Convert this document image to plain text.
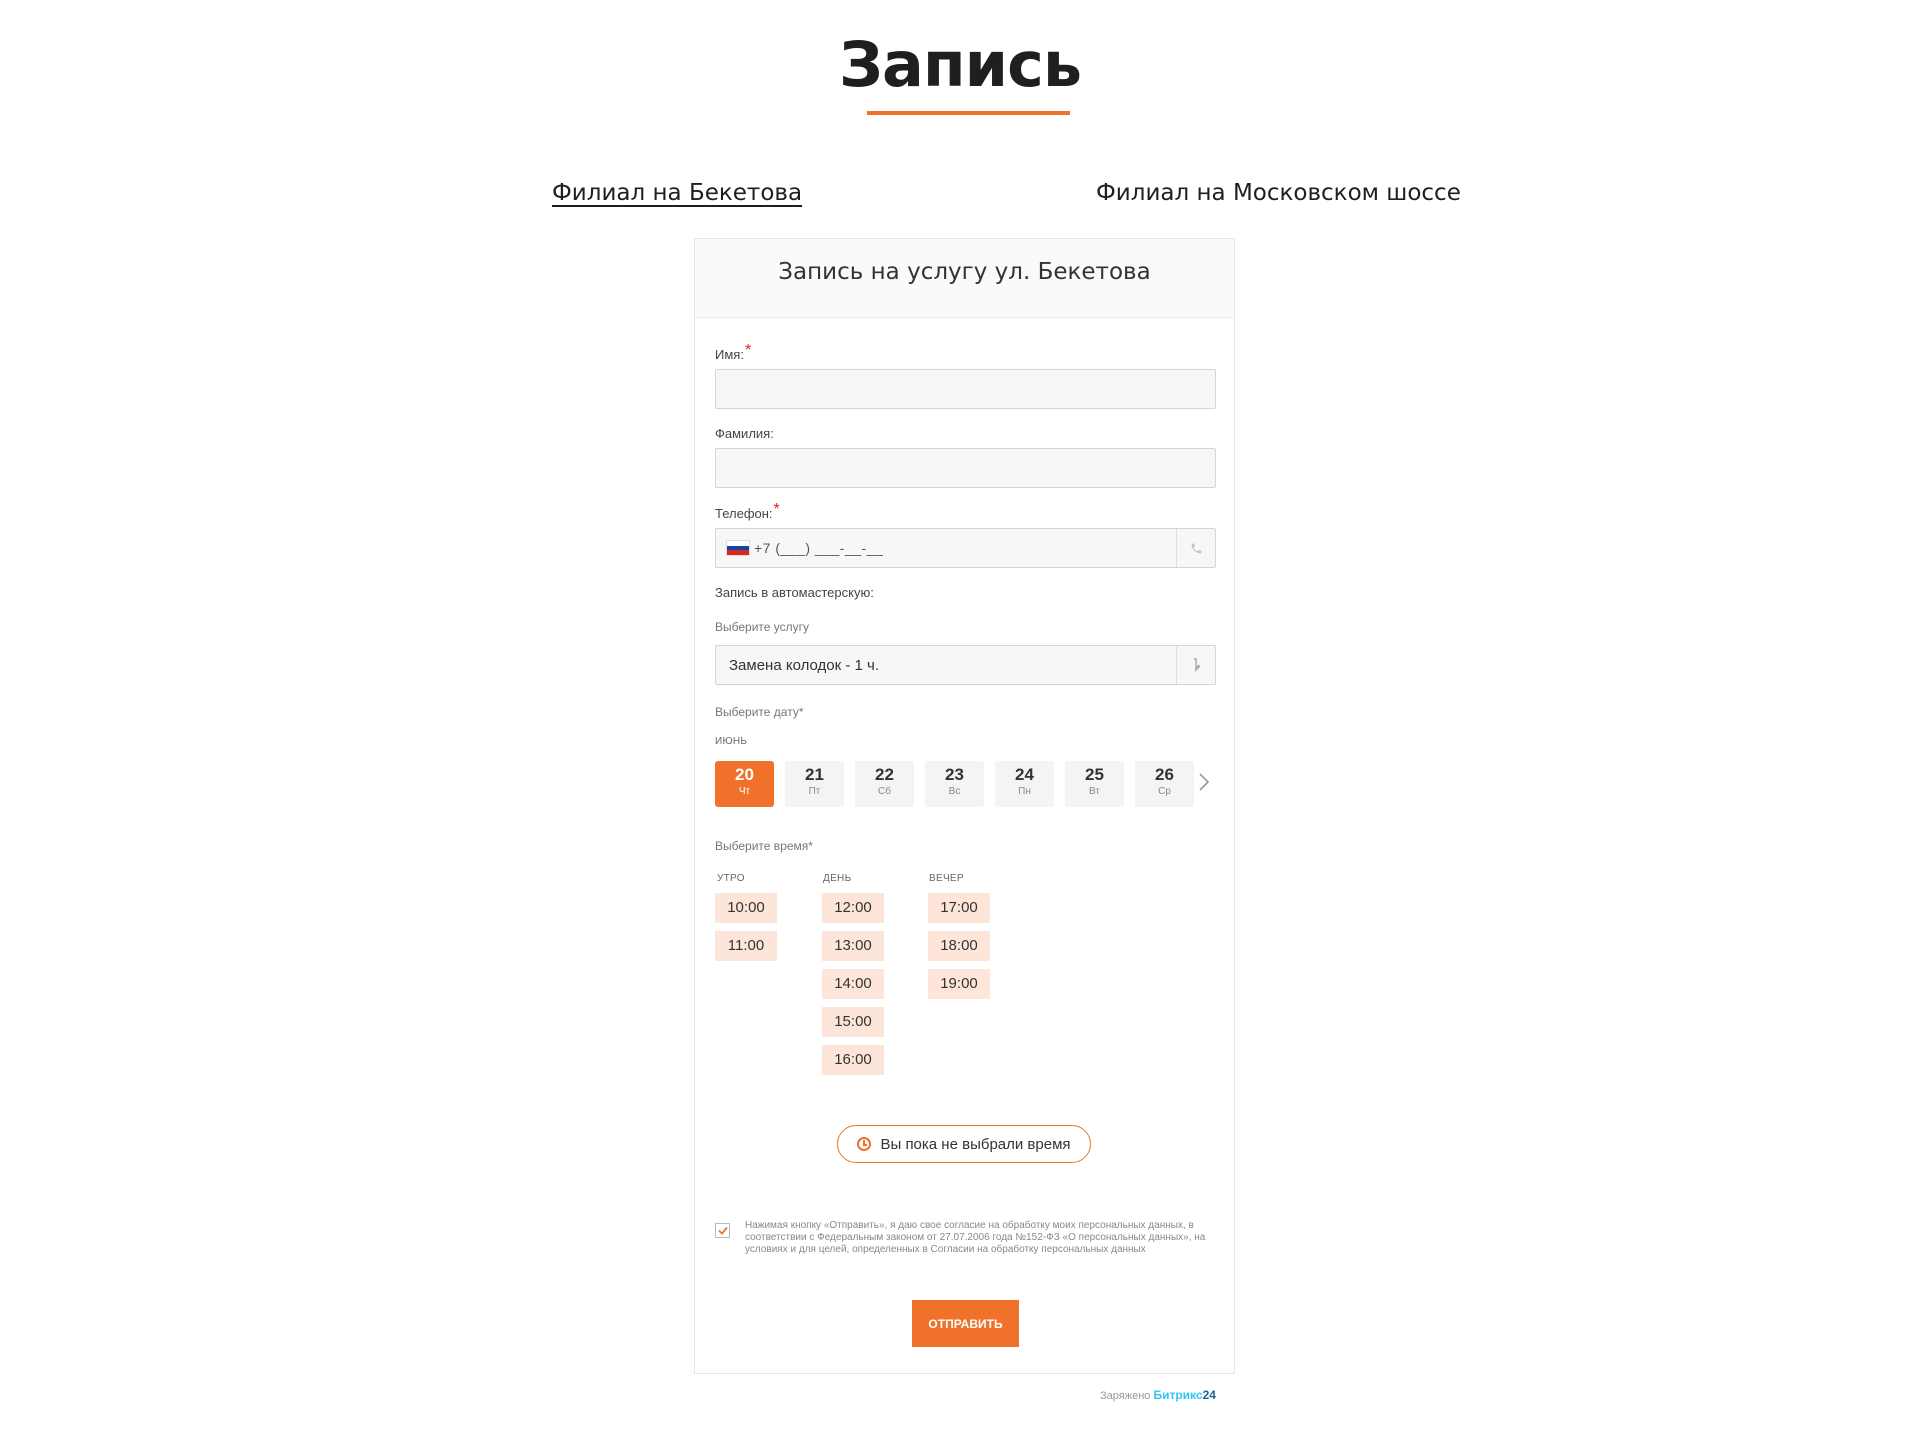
Запись
Филиал на Бекетова	Филиал на Московском шоссе
Запись на услугу ул. Бекетова
Имя:*
Фамилия:
Телефон:*
+7 (___) ___-__-__
Запись в автомастерскую:
Выберите услугу
Замена колодок - 1 ч.
Выберите дату*
ИЮНЬ
20
Чт
21
Пт
22
Сб
23
Вс
24
Пн
25
Вт
26
Ср
Выберите время*
УТРО
10:00
11:00
ДЕНЬ
12:00
13:00
14:00
15:00
16:00
ВЕЧЕР
17:00
18:00
19:00
Вы пока не выбрали время
Нажимая кнопку «Отправить», я даю свое согласие на обработку моих персональных данных, в соответствии с Федеральным законом от 27.07.2006 года №152-ФЗ «О персональных данных», на условиях и для целей, определенных в Согласии на обработку персональных данных
ОТПРАВИТЬ
Заряжено Битрикс24
